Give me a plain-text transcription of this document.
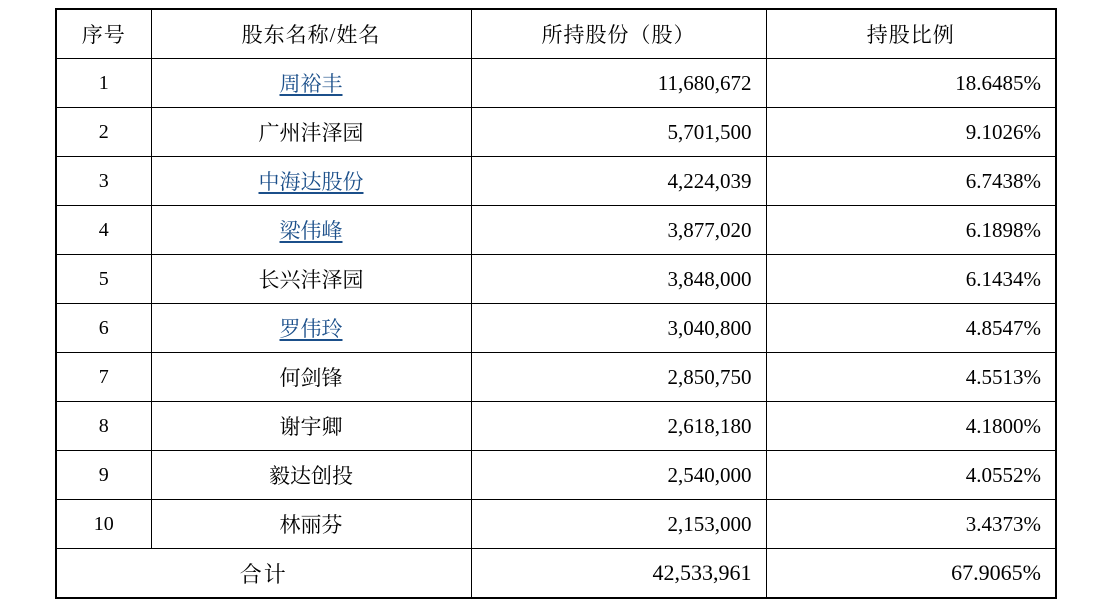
序号	股东名称/姓名	所持股份（股）	持股比例
1	周裕丰	11,680,672	18.6485%
2	广州沣泽园	5,701,500	9.1026%
3	中海达股份	4,224,039	6.7438%
4	梁伟峰	3,877,020	6.1898%
5	长兴沣泽园	3,848,000	6.1434%
6	罗伟玲	3,040,800	4.8547%
7	何剑锋	2,850,750	4.5513%
8	谢宇卿	2,618,180	4.1800%
9	毅达创投	2,540,000	4.0552%
10	林丽芬	2,153,000	3.4373%
合计		42,533,961	67.9065%
